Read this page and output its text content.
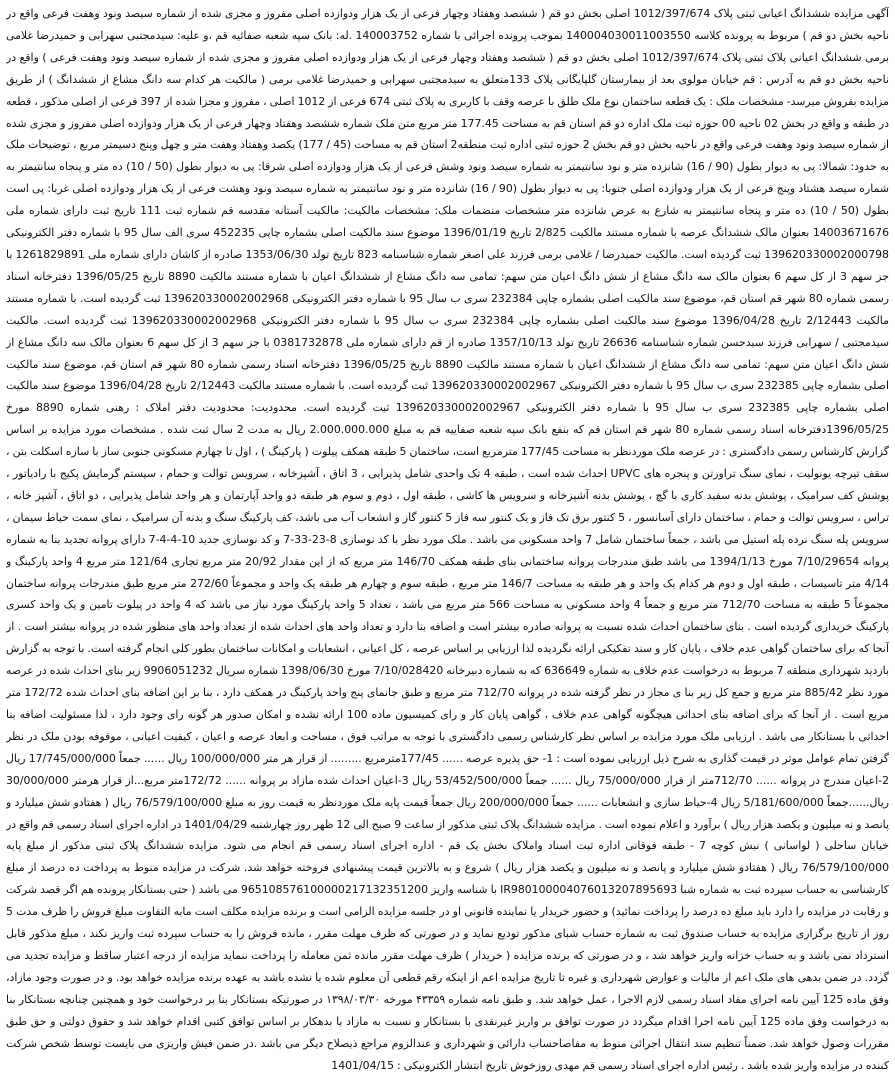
آگهی مزایده ششدانگ اعیانی ثبتی پلاک 1012/397/674 اصلی بخش دو قم ( ششصد وهفتاد وچهار فرعی از یک هزار ودوازده اصلی مفروز و مجزی شده از شماره سیصد ونود وهفت فرعی واقع در ناحیه بخش دو قم ) مربوط به پرونده کلاسه 140004030011003550 بموجب پرونده اجرائی با شماره 140003752 .له: بانک سپه شعبه صفائیه قم ،و علیه: سیدمجتبی سهرابی و حمیدرضا غلامی برمی ششدانگ اعیانی پلاک ثبتی پلاک 1012/397/674 اصلی بخش دو قم ( ششصد وهفتاد وچهار فرعی از یک هزار ودوازده اصلی مفروز و مجزی شده از شماره سیصد ونود وهفت فرعی ) واقع در ناحیه بخش دو قم به آدرس : قم خیابان مولوی بعد از بیمارستان گلپایگانی پلاک 133متعلق به سیدمجتبی سهرابی و حمیدرضا غلامی برمی ( مالکیت هر کدام سه دانگ مشاع از ششدانگ ) از طریق مزایده بفروش میرسد- مشخصات ملک : یک قطعه ساختمان نوع ملک طلق با عرصه وقف با کاربری به پلاک ثبتی 674 فرعی از 1012 اصلی ، مفروز و مجزا شده از 397 فرعی از اصلی مذکور ، قطعه در طبقه و واقع در بخش 02 ناحیه 00 حوزه ثبت ملک اداره دو قم استان قم به مساحت 177.45 متر مربع متن ملک شماره ششصد وهفتاد وچهار فرعی از یک هزار ودوازده اصلی مفروز و مجزی شده از شماره سیصد ونود وهفت فرعی واقع در ناحیه بخش دو قم بخش 2 حوزه ثبتی اداره ثبت منطقه2 استان قم به مساحت (45 / 177) یکصد وهفتاد وهفت متر و چهل وپنج دسیمتر مربع ، توضیحات ملک به حدود: شمالا: پی به دیوار بطول (90 / 16) شانزده متر و نود سانتیمتر به شماره سیصد ونود وشش فرعی از یک هزار ودوازده اصلی شرقا: پی به دیوار بطول (50 / 10) ده متر و پنجاه سانتیمتر به شماره سیصد هشتاد وپنج فرعی از یک هزار ودوازده اصلی جنوبا: پی به دیوار بطول (90 / 16) شانزده متر و نود سانتیمتر به شماره سیصد ونود وهشت فرعی از یک هزار ودوازده اصلی غربا: پی است بطول (50 / 10) ده متر و پنجاه سانتیمتر به شارع به عرض شانزده متر مشخصات منضمات ملک: مشخصات مالکیت: مالکیت آستانه مقدسه قم شماره ثبت 111 تاریخ ثبت دارای شماره ملی 14003671676 بعنوان مالک ششدانگ عرصه با شماره مستند مالکیت 2/825 تاریخ 1396/01/19 موضوع سند مالکیت اصلی بشماره چاپی 452235 سری الف سال 95 با شماره دفتر الکترونیکی 139620330002000798 ثبت گردیده است. مالکیت حمیدرضا / غلامی برمی فرزند علی اصغر شماره شناسنامه 823 تاریخ تولد 1353/06/30 صادره از کاشان دارای شماره ملی 1261829891 با جز سهم 3 از کل سهم 6 بعنوان مالک سه دانگ مشاع از شش دانگ اعیان متن سهم: تمامی سه دانگ مشاع از ششدانگ اعیان با شماره مستند مالکیت 8890 تاریخ 1396/05/25 دفترخانه اسناد رسمی شماره 80 شهر قم استان قم، موضوع سند مالکیت اصلی بشماره چاپی 232384 سری ب سال 95 با شماره دفتر الکترونیکی 139620330002002968 ثبت گردیده است. با شماره مستند مالکیت 2/12443 تاریخ 1396/04/28 موضوع سند مالکیت اصلی بشماره چاپی 232384 سری ب سال 95 با شماره دفتر الکترونیکی 139620330002002968 ثبت گردیده است. مالکیت سیدمجتبی / سهرابی فرزند سیدحسن شماره شناسنامه 26636 تاریخ تولد 1357/10/13 صادره از قم دارای شماره ملی 0381732878 با جز سهم 3 از کل سهم 6 بعنوان مالک سه دانگ مشاع از شش دانگ اعیان متن سهم: تمامی سه دانگ مشاع از ششدانگ اعیان با شماره مستند مالکیت 8890 تاریخ 1396/05/25 دفترخانه اسناد رسمی شماره 80 شهر قم استان قم، موضوع سند مالکیت اصلی بشماره چاپی 232385 سری ب سال 95 با شماره دفتر الکترونیکی 139620330002002967 ثبت گردیده است. با شماره مستند مالکیت 2/12443 تاریخ 1396/04/28 موضوع سند مالکیت اصلی بشماره چاپی 232385 سری ب سال 95 با شماره دفتر الکترونیکی 139620330002002967 ثبت گردیده است. محدودیت: محدودیت دفتر املاک : رهنی شماره 8890 مورخ 1396/05/25دفترخانه اسناد رسمی شماره 80 شهر قم استان قم که بنفع بانک سپه شعبه صفاییه قم به مبلغ 2.000.000.000 ریال به مدت 2 سال ثبت شده . مشخصات مورد مزایده بر اساس گزارش کارشناس رسمی دادگستری : در عرصه ملک موردنظر به مساحت 177/45 مترمربع است، ساختمان 5 طبقه همکف پیلوت ( پارکینگ ) ، اول تا چهارم مسکونی جنوبی ساز با سازه اسکلت بتن ، سقف تیرچه یونولیت ، نمای سنگ تراورتن و پنجره های UPVC احداث شده است ، طبقه 4 تک واحدی شامل پذیرایی ، 3 اتاق ، آشپزخانه ، سرویس توالت و حمام ، سیستم گرمایش پکیج با رادیاتور ، پوشش کف سرامیک ، پوشش بدنه سفید کاری با گچ ، پوشش بدنه آشپزخانه و سرویس ها کاشی ، طبقه اول ، دوم و سوم هر طبقه دو واحد آپارتمان و هر واحد شامل پذیرایی ، دو اتاق ، آشپز خانه ، تراس ، سرویس توالت و حمام ، ساختمان دارای آسانسور ، 5 کنتور برق تک فاز و یک کنتور سه فاز 5 کنتور گاز و انشعاب آب می باشد، کف پارکینگ سنگ و بدنه آن سرامیک ، نمای سمت حیاط سیمان ، سرویس پله سنگ نرده پله استیل می باشد ، جمعاً ساختمان شامل 7 واحد مسکونی می باشد . ملک مورد نظر با کد نوسازی 8-23-33-7 و کد نوسازی جدید 10-4-4-7 دارای پروانه تجدید بنا به شماره پروانه 7/10/29654 مورخ 1394/1/13 می باشد طبق مندرجات پروانه ساختمانی بنای طبقه همکف 146/70 متر مربع که از این مقدار 20/92 متر مربع تجاری 121/64 متر مربع 4 واحد پارکینگ و 4/14 متر تاسیسات ، طبقه اول و دوم هر کدام یک واحد و هر طبقه به مساحت 146/7 متر مربع ، طبقه سوم و چهارم هر طبقه یک واحد و مجموعاً 272/60 متر مربع طبق مندرجات پروانه ساختمان مجموعاً 5 طبقه به مساحت 712/70 متر مربع و جمعاً 4 واحد مسکونی به مساحت 566 متر مربع می باشد ، تعداد 5 واحد پارکینگ مورد نیاز می باشد که 4 واحد در پیلوت تامین و یک واحد کسری پارکینگ خریداری گردیده است . بنای ساختمان احداث شده نسبت به پروانه صادره بیشتر است و اضافه بنا دارد و تعداد واحد های احداث شده از تعداد واحد های منظور شده در پروانه بیشتر است . از آنجا که برای ساختمان گواهی عدم خلاف ، پایان کار و سند تفکیکی ارائه نگردیده لذا ارزیابی بر اساس عرصه ، کل اعیانی ، انشعابات و امکانات ساختمان بطور کلی انجام گرفته است. با توجه به گزارش بازدید شهرداری منطقه 7 مربوط به درخواست عدم خلاف به شماره 636649 که به شماره دبیرخانه 7/10/028420 مورخ 1398/06/30 شماره سریال 9906051232 زیر بنای احداث شده در عرصه مورد نظر 885/42 متر مربع و جمع کل زیر بنا ی مجاز در نظر گرفته شده در پروانه 712/70 متر مربع و طبق جانمای پنج واحد پارکینگ در همکف دارد ، بنا بر این اضافه بنای احداث شده 172/72 متر مربع است . از آنجا که برای اضافه بنای احداثی هیچگونه گواهی عدم خلاف ، گواهی پایان کار و رای کمیسیون ماده 100 ارائه نشده و امکان صدور هر گونه رای وجود دارد ، لذا مسئولیت اضافه بنا احداثی با بستانکار می باشد . ارزیابی ملک مورد مزایده بر اساس نظر کارشناس رسمی دادگستری با توجه به مراتب فوق ، مساحت و ابعاد عرصه و اعیان ، کیفیت اعیانی ، موقوفه بودن ملک در نظر گرفتن تمام عوامل موثر در قیمت گذاری به شرح ذیل ارزیابی نموده است : 1- حق پذیره عرصه ...... 177/45متر‌مربع ......... از قرار هر متر 100/000/000 ریال ...... جمعاً 17/745/000/000 ریال 2-اعیان مندرج در پروانه ...... 712/70متر از قرار 75/000/000 ریال ...... جمعاً 53/452/500/000 ریال 3-اعیان احداث شده مازاد بر پروانه ...... 172/72متر مربع...از قرار هرمتر 30/000/000 ریال......جمعاً 5/181/600/000 ریال 4-حیاط سازی و انشعابات ...... جمعاً 200/000/000 ریال جمعاً قیمت پایه ملک موردنظر به قیمت روز به مبلغ 76/579/100/000 ریال ( هفتادو شش میلیارد و پانصد و نه میلیون و یکصد هزار ریال ) برآورد و اعلام نموده است . مزایده ششدانگ پلاک ثبتی مذکور از ساعت 9 صبح الی 12 ظهر روز چهارشنبه 1401/04/29 در اداره اجرای اسناد رسمی قم واقع در خیابان ساحلی ( لواسانی ) نبش کوچه 7 - طبقه فوقانی اداره ثبت اسناد واملاک بخش یک قم - اداره اجرای اسناد رسمی قم انجام می شود. مزایده ششدانگ پلاک ثبتی مذکور از مبلغ پایه 76/579/100/000 ریال ( هفتادو شش میلیارد و پانصد و نه میلیون و یکصد هزار ریال ) شروع و به بالاترین قیمت پیشنهادی فروخته خواهد شد. شرکت در مزایده منوط به پرداخت ده درصد از مبلغ کارشناسی به حساب سپرده ثبت به شماره شبا IR980100004076013207895693 با شناسه واریز 965108576100000217132351200 می باشد ( حتی بستانکار پرونده هم اگر قصد شرکت و رقابت در مزایده را دارد باید مبلغ ده درصد را پرداخت نمائید) و حضور خریدار یا نماینده قانونی او در جلسه مزایده الزامی است و برنده مزایده مکلف است مابه التفاوت مبلغ فروش را ظرف مدت 5 روز از تاریخ برگزاری مزایده به حساب صندوق ثبت به شماره حساب شبای مذکور تودیع نماید و در صورتی که ظرف مهلت مقرر ، مانده فروش را به حساب سپرده ثبت واریز نکند ، مبلغ مذکور قابل استرداد نمی باشد و به حساب خزانه واریز خواهد شد ، و در صورتی که برنده مزایده ( خریدار ) ظرف مهلت مقرر مانده ثمن معامله را پرداخت ننماید مزایده از درجه اعتبار ساقط و مزایده تجدید می گردد. در ضمن بدهی های ملک اعم از مالیات و عوارض شهرداری و غیره تا تاریخ مزایده اعم از اینکه رقم قطعی آن معلوم شده یا نشده باشد به عهده برنده مزایده خواهد بود. و در صورت وجود مازاد، وفق ماده 125 آیین نامه اجرای مفاد اسناد رسمی لازم الاجرا ، عمل خواهد شد. و طبق نامه شماره ۴۳۳۵۹ مورخه ۱۳۹۸/۰۳/۳۰ در صورتیکه بستانکار بنا بر درخواست خود و همچنین چنانچه بستانکار بنا به درخواست وفق ماده 125 آیین نامه اجرا اقدام میگردد در صورت توافق بر واریز غیرنقدی با بستانکار و نسبت به مازاد با بدهکار بر اساس توافق کتبی اقدام خواهد شد و حقوق دولتی و حق طبق مقررات وصول خواهد شد. ضمناً تنظیم سند انتقال اجرائی منوط به مفاصاحساب دارائی و شهرداری و عندالزوم مراجع ذیصلاح دیگر می باشد .در ضمن فیش واریزی می بایست توسط شخص شرکت کننده در مزایده واریز شده باشد . رئیس اداره اجرای اسناد رسمی قم مهدی روزخوش تاریخ انتشار الکترونیکی : 1401/04/15
